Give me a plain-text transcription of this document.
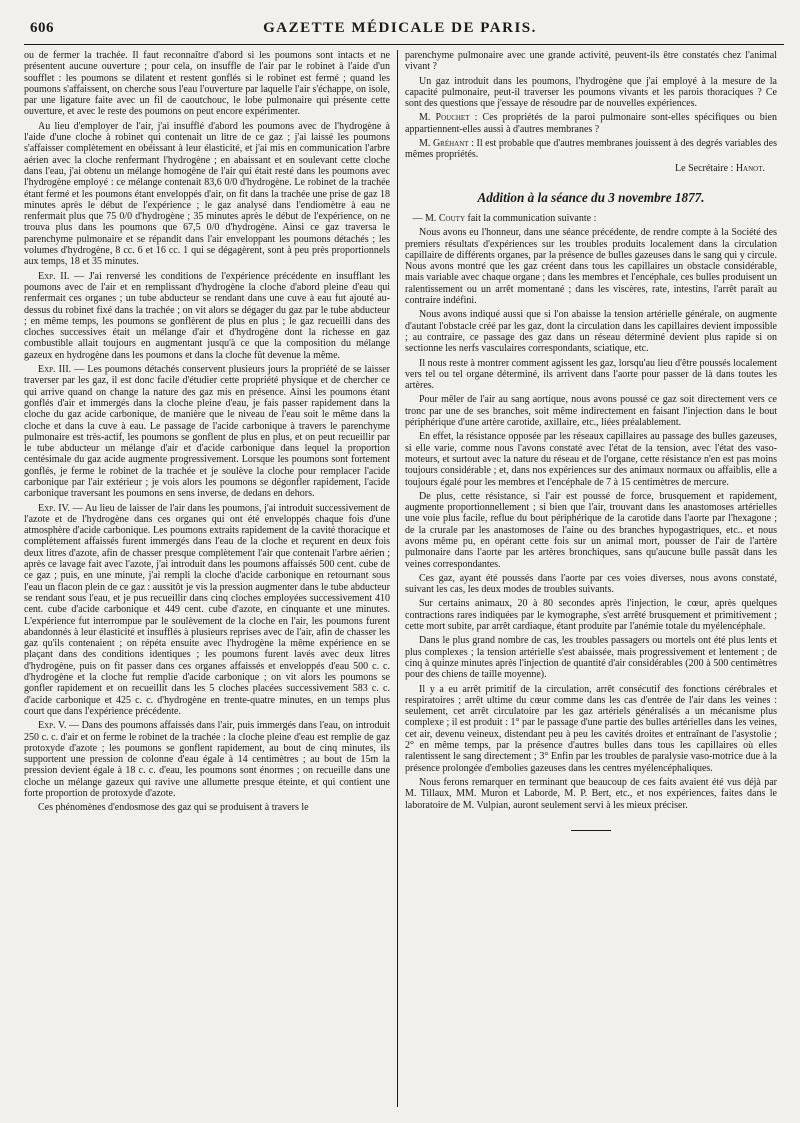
606	GAZETTE MÉDICALE DE PARIS.

ou de fermer la trachée. Il faut reconnaître d'abord si les poumons sont intacts et ne présentent aucune ouverture ; pour cela, on insuffle de l'air par le robinet à l'aide d'un soufflet : les poumons se dilatent et restent gonflés si le robinet est fermé ; quand les poumons s'affaissent, on cherche sous l'eau l'ouverture par laquelle l'air s'échappe, on isole, par une ligature faite avec un fil de caoutchouc, le lobe pulmonaire qui présente cette ouverture, et avec le reste des poumons on peut encore expérimenter.

Au lieu d'employer de l'air, j'ai insufflé d'abord les poumons avec de l'hydrogène à l'aide d'une cloche à robinet qui contenait un litre de ce gaz ; j'ai laissé les poumons s'affaisser complètement en obéissant à leur élasticité, et j'ai mis en communication l'arbre aérien avec la cloche renfermant l'hydrogène ; en abaissant et en soulevant cette cloche dans l'eau, j'ai obtenu un mélange homogène de l'air qui était resté dans les poumons avec l'hydrogène employé : ce mélange contenait 83,6 0/0 d'hydrogène. Le robinet de la trachée étant fermé et les poumons étant enveloppés d'air, on fit dans la trachée une prise de gaz 18 minutes après le début de l'expérience ; le gaz analysé dans l'endiomètre à eau ne renfermait plus que 75 0/0 d'hydrogène ; 35 minutes après le début de l'expérience, on ne trouva plus dans les poumons que 67,5 0/0 d'hydrogène. Ainsi ce gaz traversa le parenchyme pulmonaire et se répandit dans l'air enveloppant les poumons détachés ; les volumes d'hydrogène, 8 cc. 6 et 16 cc. 1 qui se dégagèrent, sont à peu près proportionnels aux temps, 18 et 35 minutes.

Exp. II. — J'ai renversé les conditions de l'expérience précédente en insufflant les poumons avec de l'air et en remplissant d'hydrogène la cloche d'abord pleine d'eau qui renfermait ces organes ; un tube abducteur se rendant dans une cuve à eau fut ajouté au-dessus du robinet fixé dans la trachée ; on vit alors se dégager du gaz par le tube abducteur ; en même temps, les poumons se gonflèrent de plus en plus ; le gaz recueilli dans des cloches successives était un mélange d'air et d'hydrogène dont la richesse en gaz combustible allait toujours en augmentant jusqu'à ce que la composition du mélange gazeux en hydrogène dans les poumons et dans la cloche fût devenue la même.

Exp. III. — Les poumons détachés conservent plusieurs jours la propriété de se laisser traverser par les gaz, il est donc facile d'étudier cette propriété physique et de chercher ce qui arrive quand on change la nature des gaz mis en présence. Ainsi les poumons étant gonflés d'air et immergés dans la cloche pleine d'eau, je fais passer rapidement dans la cloche du gaz acide carbonique, de manière que le niveau de l'eau soit le même dans la cloche et dans la cuve à eau. Le passage de l'acide carbonique à travers le parenchyme pulmonaire est très-actif, les poumons se gonflent de plus en plus, et on peut recueillir par le tube abducteur un mélange d'air et d'acide carbonique dans lequel la proportion centésimale du gaz acide augmente progressivement. Lorsque les poumons sont fortement gonflés, je ferme le robinet de la trachée et je soulève la cloche pour remplacer l'acide carbonique par l'air extérieur ; je vois alors les poumons se dégonfler rapidement, l'acide carbonique traversant les poumons en sens inverse, de dedans en dehors.

Exp. IV. — Au lieu de laisser de l'air dans les poumons, j'ai introduit successivement de l'azote et de l'hydrogène dans ces organes qui ont été enveloppés chaque fois d'une atmosphère d'acide carbonique. Les poumons extraits rapidement de la cavité thoracique et complètement affaissés furent immergés dans l'eau de la cloche et reçurent en deux fois deux litres d'azote, afin de chasser presque complètement l'air que contenait l'arbre aérien ; après ce lavage fait avec l'azote, j'ai introduit dans les poumons affaissés 500 cent. cube de ce gaz ; puis, en une minute, j'ai rempli la cloche d'acide carbonique en retournant sous l'eau un flacon plein de ce gaz : aussitôt je vis la pression augmenter dans le tube abducteur se rendant sous l'eau, et je pus recueillir dans cinq cloches employées successivement 410 cent. cube d'acide carbonique et 449 cent. cube d'azote, en cinquante et une minutes. L'expérience fut interrompue par le soulèvement de la cloche en l'air, les poumons furent abandonnés à leur élasticité et insufflés à plusieurs reprises avec de l'air, afin de chasser les gaz qu'ils contenaient ; on répéta ensuite avec l'hydrogène la même expérience en se plaçant dans des conditions identiques ; les poumons furent lavés avec deux litres d'hydrogène, puis on fit passer dans ces organes affaissés et enveloppés d'eau 500 c. c. d'hydrogène et la cloche fut remplie d'acide carbonique ; on vit alors les poumons se gonfler rapidement et on recueillit dans les 5 cloches placées successivement 583 c. c. d'acide carbonique et 425 c. c. d'hydrogène en trente-quatre minutes, en un temps plus court que dans l'expérience précédente.

Exp. V. — Dans des poumons affaissés dans l'air, puis immergés dans l'eau, on introduit 250 c. c. d'air et on ferme le robinet de la trachée : la cloche pleine d'eau est remplie de gaz protoxyde d'azote ; les poumons se gonflent rapidement, au bout de cinq minutes, ils supportent une pression de colonne d'eau égale à 14 centimètres ; au bout de 15m la pression devient égale à 18 c. c. d'eau, les poumons sont énormes ; on recueille dans une cloche un mélange gazeux qui ravive une allumette presque éteinte, et qui contient une forte proportion de protoxyde d'azote.

Ces phénomènes d'endosmose des gaz qui se produisent à travers le

parenchyme pulmonaire avec une grande activité, peuvent-ils être constatés chez l'animal vivant ?

Un gaz introduit dans les poumons, l'hydrogène que j'ai employé à la mesure de la capacité pulmonaire, peut-il traverser les poumons vivants et les parois thoraciques ? Ce sont des questions que j'essaye de résoudre par de nouvelles expériences.

M. Pouchet : Ces propriétés de la paroi pulmonaire sont-elles spécifiques ou bien appartiennent-elles aussi à d'autres membranes ?

M. Gréhant : Il est probable que d'autres membranes jouissent à des degrés variables des mêmes propriétés.

Le Secrétaire : Hanot.
Addition à la séance du 3 novembre 1877.

— M. Couty fait la communication suivante :

Nous avons eu l'honneur, dans une séance précédente, de rendre compte à la Société des premiers résultats d'expériences sur les troubles produits localement dans la circulation capillaire de différents organes, par la présence de bulles gazeuses dans le sang qui y circule. Nous avons montré que les gaz créent dans tous les capillaires un obstacle considérable, mais variable avec chaque organe ; dans les membres et l'encéphale, ces bulles produisent un ralentissement ou un arrêt momentané ; dans les viscères, rate, intestins, l'arrêt paraît au contraire indéfini.

Nous avons indiqué aussi que si l'on abaisse la tension artérielle générale, on augmente d'autant l'obstacle créé par les gaz, dont la circulation dans les capillaires devient impossible ; au contraire, ce passage des gaz dans un réseau déterminé devient plus rapide si on sectionne les nerfs vasculaires correspondants, sciatique, etc.

Il nous reste à montrer comment agissent les gaz, lorsqu'au lieu d'être poussés localement vers tel ou tel organe déterminé, ils arrivent dans l'aorte pour passer de là dans toutes les artères.

Pour mêler de l'air au sang aortique, nous avons poussé ce gaz soit directement vers ce tronc par une de ses branches, soit même indirectement en faisant l'injection dans le bout périphérique d'une artère carotide, axillaire, etc., liées préalablement.

En effet, la résistance opposée par les réseaux capillaires au passage des bulles gazeuses, si elle varie, comme nous l'avons constaté avec l'état de la tension, avec l'état des vaso-moteurs, et surtout avec la nature du réseau et de l'organe, cette résistance n'en est pas moins toujours considérable ; et, dans nos expériences sur des animaux normaux ou affaiblis, elle a toujours égalé pour les membres et l'encéphale de 7 à 15 centimètres de mercure.

De plus, cette résistance, si l'air est poussé de force, brusquement et rapidement, augmente proportionnellement ; si bien que l'air, trouvant dans les anastomoses artérielles une voie plus facile, reflue du bout périphérique de la carotide dans l'aorte par l'hexagone ; de la crurale par les anastomoses de l'aine ou des branches hypogastriques, etc.. et nous avons même pu, en opérant cette fois sur un animal mort, pousser de l'air de l'artère pulmonaire dans l'aorte par les artères bronchiques, sans qu'aucune bulle passât dans les veines correspondantes.

Ces gaz, ayant été poussés dans l'aorte par ces voies diverses, nous avons constaté, suivant les cas, les deux modes de troubles suivants.

Sur certains animaux, 20 à 80 secondes après l'injection, le cœur, après quelques contractions rares indiquées par le kymographe, s'est arrêté brusquement et primitivement ; cette mort subite, par arrêt cardiaque, étant produite par l'anémie totale du myélencéphale.

Dans le plus grand nombre de cas, les troubles passagers ou mortels ont été plus lents et plus complexes ; la tension artérielle s'est abaissée, mais progressivement et lentement ; de cinq à quinze minutes après l'injection de quantité d'air considérables (200 à 500 centimètres pour des chiens de taille moyenne).

Il y a eu arrêt primitif de la circulation, arrêt consécutif des fonctions cérébrales et respiratoires ; arrêt ultime du cœur comme dans les cas d'entrée de l'air dans les veines : seulement, cet arrêt circulatoire par les gaz artériels généralisés a un mécanisme plus complexe ; il est produit : 1° par le passage d'une partie des bulles artérielles dans les veines, cet air, devenu veineux, distendant peu à peu les cavités droites et entraînant de l'asystolie ; 2° en même temps, par la présence d'autres bulles dans tous les capillaires où elles ralentissent le sang directement ; 3° Enfin par les troubles de paralysie vaso-motrice due à la présence prolongée d'embolies gazeuses dans les centres myélencéphaliques.

Nous ferons remarquer en terminant que beaucoup de ces faits avaient été vus déjà par M. Tillaux, MM. Muron et Laborde, M. P. Bert, etc., et nos expériences, faites dans le laboratoire de M. Vulpian, auront seulement servi à les mieux préciser.
